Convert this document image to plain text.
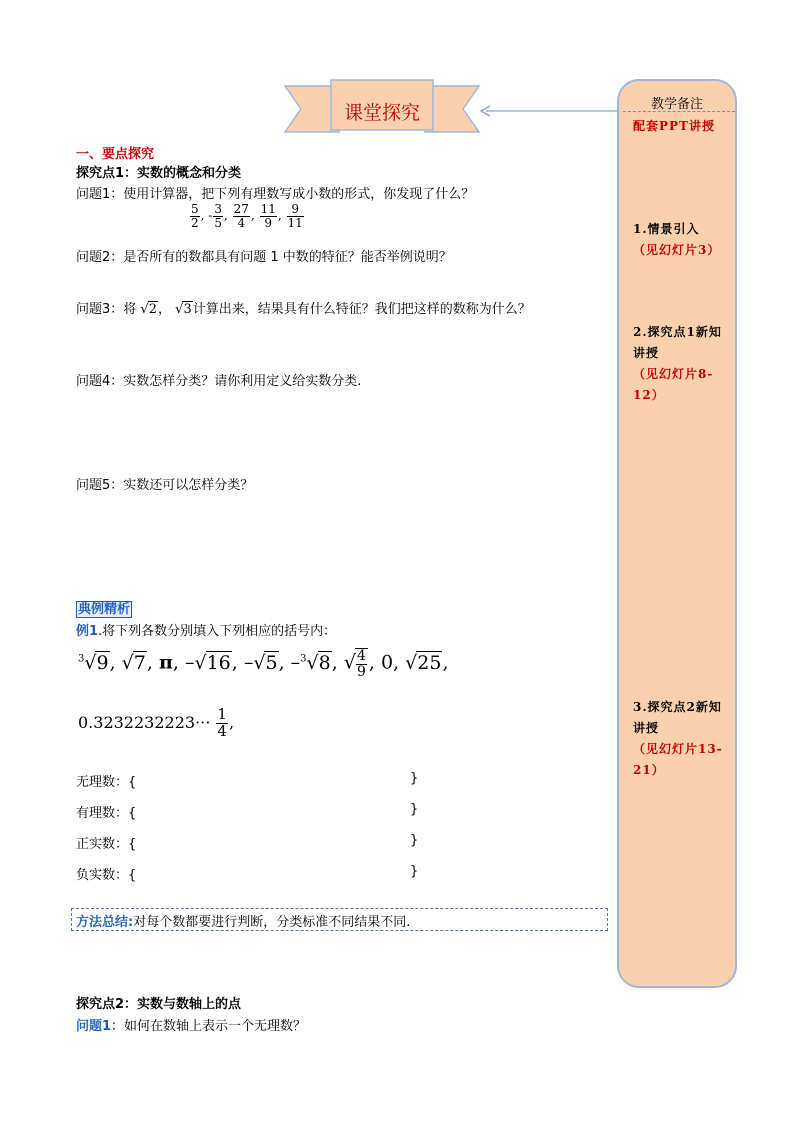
课堂探究	教学备注
配套PPT讲授
1.情景引入
（见幻灯片3）
2.探究点1新知讲授
（见幻灯片8-12）
3.探究点2新知讲授
（见幻灯片13-21）
一、要点探究
探究点1：实数的概念和分类
问题1：使用计算器，把下列有理数写成小数的形式，你发现了什么？
$\frac{5}{2}$ , - $\frac{3}{5}$ , $\frac{27}{4}$ , $\frac{11}{9}$ , $\frac{9}{11}$
问题2：是否所有的数都具有问题 1 中数的特征？能否举例说明？
问题3：将 √2， √3计算出来，结果具有什么特征？我们把这样的数称为什么？
问题4：实数怎样分类？请你利用定义给实数分类.
问题5：实数还可以怎样分类？
典例精析
例1.将下列各数分别填入下列相应的括号内：
$^3$√9, √7, π, –√16, –√5, –$^3$√8, √ $\frac{4}{9}$ , 0, √25,
$0.3232232223\cdot\cdot\cdot \frac{1}{4}$ ,
无理数：{	}
有理数：{	}
正实数：{	}
负实数：{	}
方法总结:对每个数都要进行判断，分类标准不同结果不同.
探究点2：实数与数轴上的点
问题1：如何在数轴上表示一个无理数？
